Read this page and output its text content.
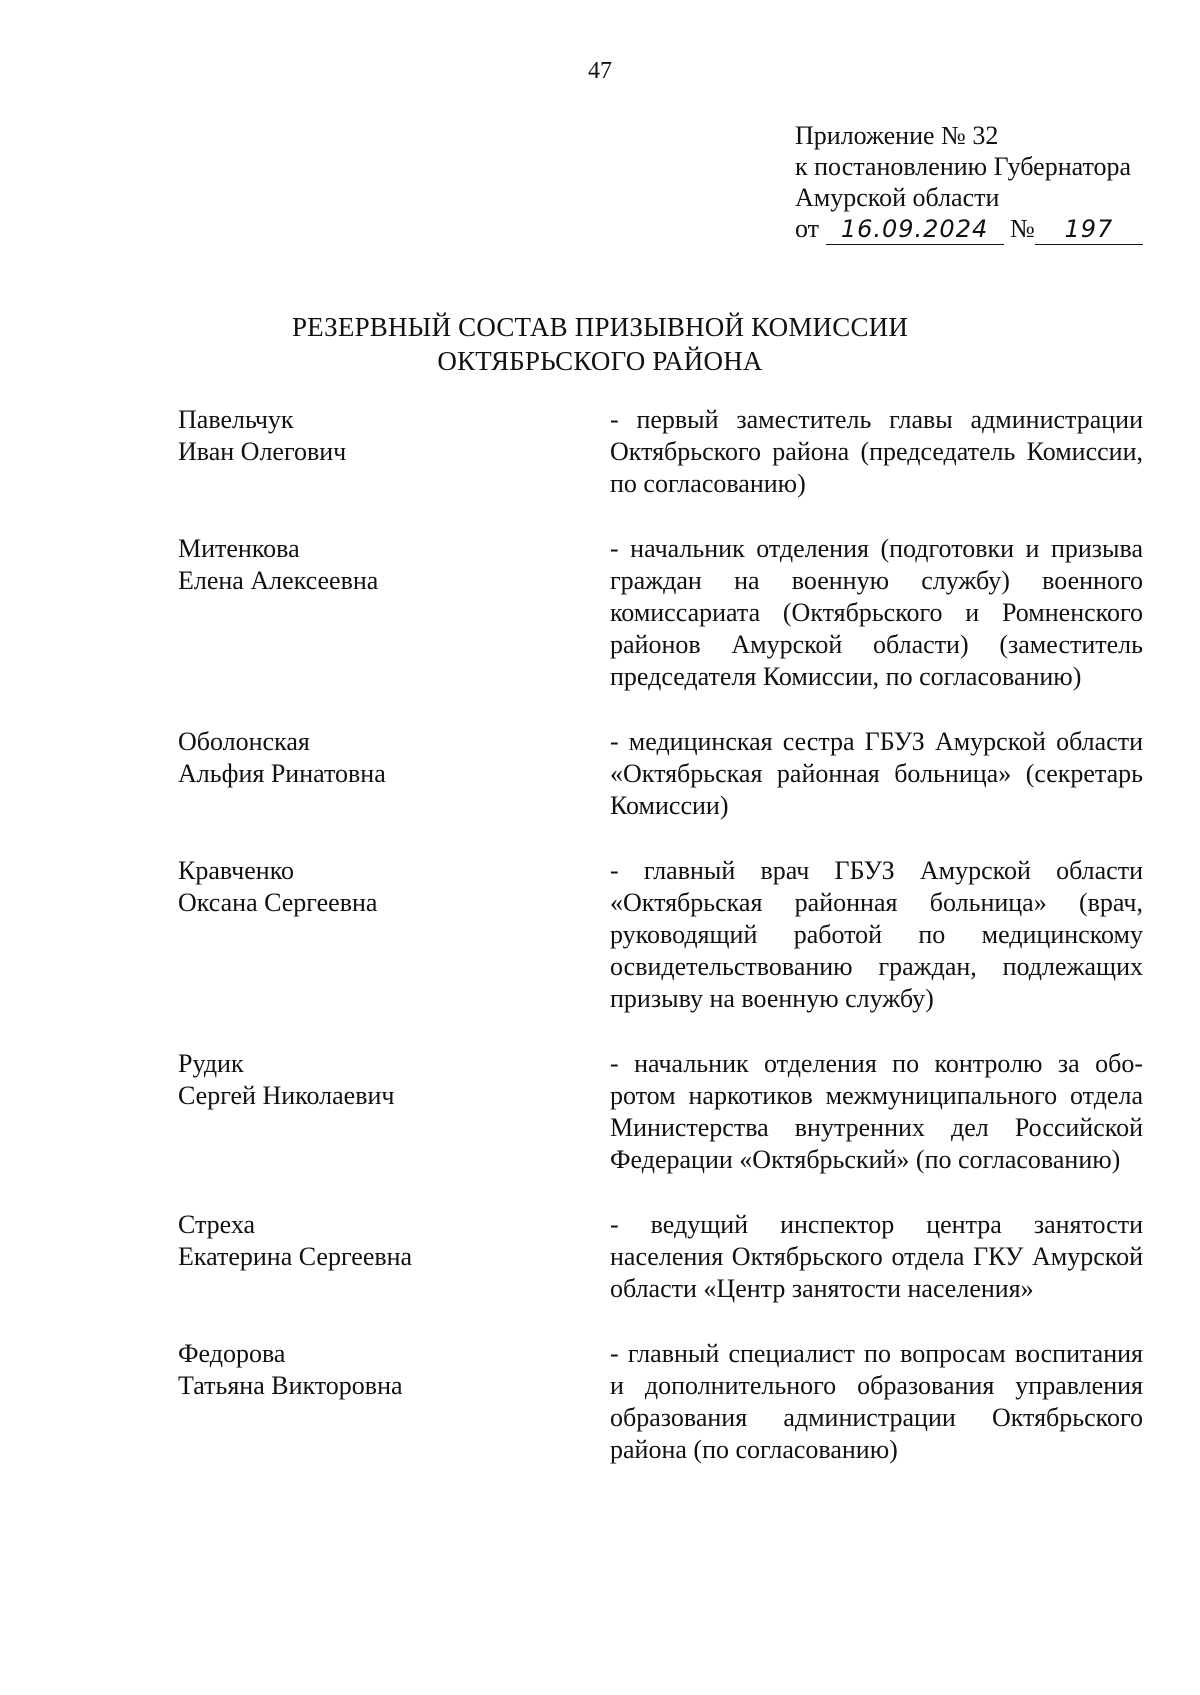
47
Приложение № 32
к постановлению Губернатора
Амурской области
от 16.09.2024 № 197
РЕЗЕРВНЫЙ СОСТАВ ПРИЗЫВНОЙ КОМИССИИ
ОКТЯБРЬСКОГО РАЙОНА
Павельчук
Иван Олегович
- первый заместитель главы администрации Октябрьского района (председатель Комиссии, по согласованию)
Митенкова
Елена Алексеевна
- начальник отделения (подготовки и призыва граждан на военную службу) военного комиссариата (Октябрьского и Ромненского районов Амурской области) (заместитель председателя Комиссии, по согласованию)
Оболонская
Альфия Ринатовна
- медицинская сестра ГБУЗ Амурской области «Октябрьская районная больница» (секретарь Комиссии)
Кравченко
Оксана Сергеевна
- главный врач ГБУЗ Амурской области «Октябрьская районная больница» (врач, руководящий работой по медицинскому освидетельствованию граждан, подлежащих призыву на военную службу)
Рудик
Сергей Николаевич
- начальник отделения по контролю за оборотом наркотиков межмуниципального отдела Министерства внутренних дел Российской Федерации «Октябрьский» (по согласованию)
Стреха
Екатерина Сергеевна
- ведущий инспектор центра занятости населения Октябрьского отдела ГКУ Амурской области «Центр занятости населения»
Федорова
Татьяна Викторовна
- главный специалист по вопросам воспитания и дополнительного образования управления образования администрации Октябрьского района (по согласованию)
